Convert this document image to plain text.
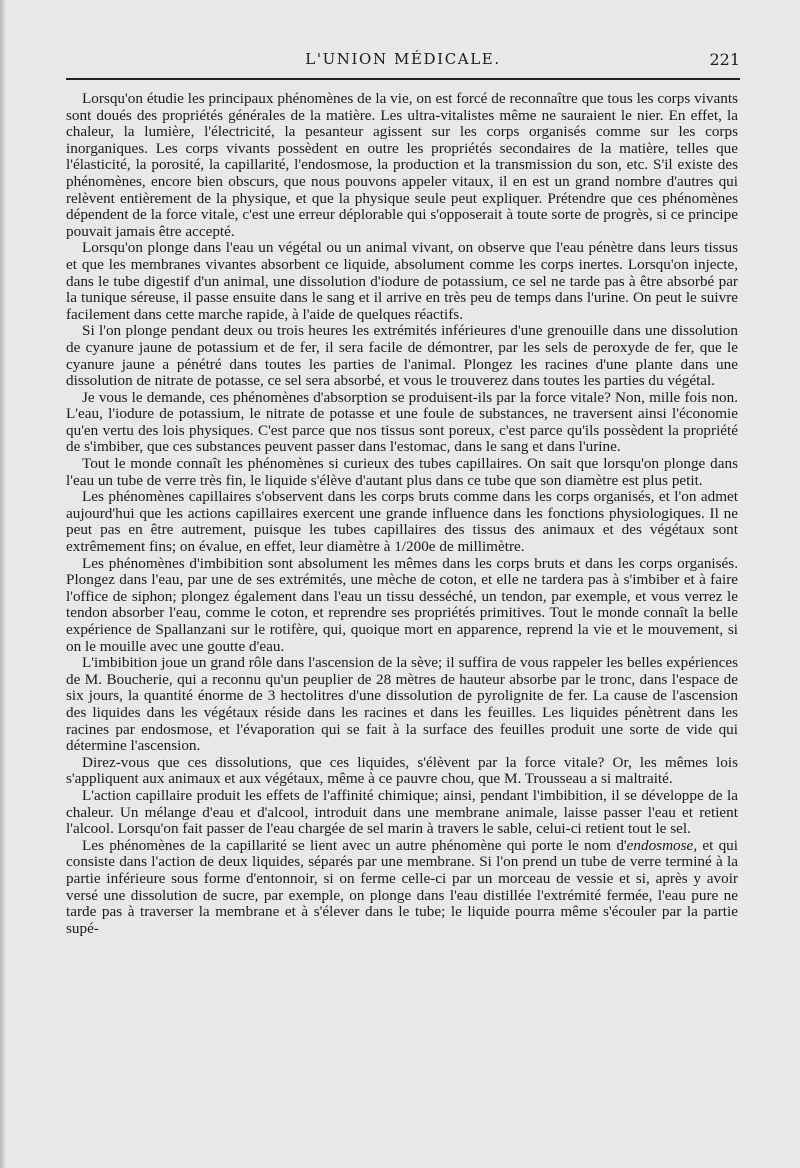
L'UNION MÉDICALE.	221

Lorsqu'on étudie les principaux phénomènes de la vie, on est forcé de reconnaître que tous les corps vivants sont doués des propriétés générales de la matière. Les ultra-vitalistes même ne sauraient le nier. En effet, la chaleur, la lumière, l'électricité, la pesanteur agissent sur les corps organisés comme sur les corps inorganiques. Les corps vivants possèdent en outre les propriétés secondaires de la matière, telles que l'élasticité, la porosité, la capillarité, l'endosmose, la production et la transmission du son, etc. S'il existe des phénomènes, encore bien obscurs, que nous pouvons appeler vitaux, il en est un grand nombre d'autres qui relèvent entièrement de la physique, et que la physique seule peut expliquer. Prétendre que ces phénomènes dépendent de la force vitale, c'est une erreur déplorable qui s'opposerait à toute sorte de progrès, si ce principe pouvait jamais être accepté.

Lorsqu'on plonge dans l'eau un végétal ou un animal vivant, on observe que l'eau pénètre dans leurs tissus et que les membranes vivantes absorbent ce liquide, absolument comme les corps inertes. Lorsqu'on injecte, dans le tube digestif d'un animal, une dissolution d'iodure de potassium, ce sel ne tarde pas à être absorbé par la tunique séreuse, il passe ensuite dans le sang et il arrive en très peu de temps dans l'urine. On peut le suivre facilement dans cette marche rapide, à l'aide de quelques réactifs.

Si l'on plonge pendant deux ou trois heures les extrémités inférieures d'une grenouille dans une dissolution de cyanure jaune de potassium et de fer, il sera facile de démontrer, par les sels de peroxyde de fer, que le cyanure jaune a pénétré dans toutes les parties de l'animal. Plongez les racines d'une plante dans une dissolution de nitrate de potasse, ce sel sera absorbé, et vous le trouverez dans toutes les parties du végétal.

Je vous le demande, ces phénomènes d'absorption se produisent-ils par la force vitale? Non, mille fois non. L'eau, l'iodure de potassium, le nitrate de potasse et une foule de substances, ne traversent ainsi l'économie qu'en vertu des lois physiques. C'est parce que nos tissus sont poreux, c'est parce qu'ils possèdent la propriété de s'imbiber, que ces substances peuvent passer dans l'estomac, dans le sang et dans l'urine.

Tout le monde connaît les phénomènes si curieux des tubes capillaires. On sait que lorsqu'on plonge dans l'eau un tube de verre très fin, le liquide s'élève d'autant plus dans ce tube que son diamètre est plus petit.

Les phénomènes capillaires s'observent dans les corps bruts comme dans les corps organisés, et l'on admet aujourd'hui que les actions capillaires exercent une grande influence dans les fonctions physiologiques. Il ne peut pas en être autrement, puisque les tubes capillaires des tissus des animaux et des végétaux sont extrêmement fins; on évalue, en effet, leur diamètre à 1/200e de millimètre.

Les phénomènes d'imbibition sont absolument les mêmes dans les corps bruts et dans les corps organisés. Plongez dans l'eau, par une de ses extrémités, une mèche de coton, et elle ne tardera pas à s'imbiber et à faire l'office de siphon; plongez également dans l'eau un tissu desséché, un tendon, par exemple, et vous verrez le tendon absorber l'eau, comme le coton, et reprendre ses propriétés primitives. Tout le monde connaît la belle expérience de Spallanzani sur le rotifère, qui, quoique mort en apparence, reprend la vie et le mouvement, si on le mouille avec une goutte d'eau.

L'imbibition joue un grand rôle dans l'ascension de la sève; il suffira de vous rappeler les belles expériences de M. Boucherie, qui a reconnu qu'un peuplier de 28 mètres de hauteur absorbe par le tronc, dans l'espace de six jours, la quantité énorme de 3 hectolitres d'une dissolution de pyrolignite de fer. La cause de l'ascension des liquides dans les végétaux réside dans les racines et dans les feuilles. Les liquides pénètrent dans les racines par endosmose, et l'évaporation qui se fait à la surface des feuilles produit une sorte de vide qui détermine l'ascension.

Direz-vous que ces dissolutions, que ces liquides, s'élèvent par la force vitale? Or, les mêmes lois s'appliquent aux animaux et aux végétaux, même à ce pauvre chou, que M. Trousseau a si maltraité.

L'action capillaire produit les effets de l'affinité chimique; ainsi, pendant l'imbibition, il se développe de la chaleur. Un mélange d'eau et d'alcool, introduit dans une membrane animale, laisse passer l'eau et retient l'alcool. Lorsqu'on fait passer de l'eau chargée de sel marin à travers le sable, celui-ci retient tout le sel.

Les phénomènes de la capillarité se lient avec un autre phénomène qui porte le nom d'endosmose, et qui consiste dans l'action de deux liquides, séparés par une membrane. Si l'on prend un tube de verre terminé à la partie inférieure sous forme d'entonnoir, si on ferme celle-ci par un morceau de vessie et si, après y avoir versé une dissolution de sucre, par exemple, on plonge dans l'eau distillée l'extrémité fermée, l'eau pure ne tarde pas à traverser la membrane et à s'élever dans le tube; le liquide pourra même s'écouler par la partie supé-
